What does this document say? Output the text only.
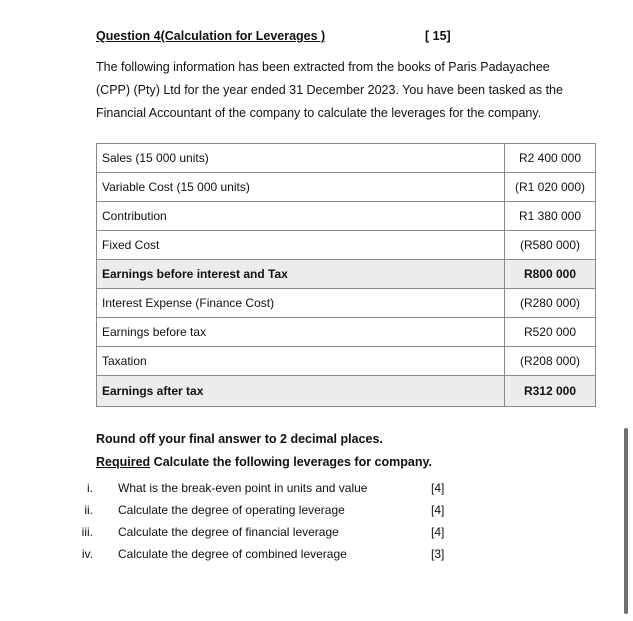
Question 4(Calculation for Leverages )	[ 15]

The following information has been extracted from the books of Paris Padayachee
(CPP) (Pty) Ltd for the year ended 31 December 2023. You have been tasked as the
Financial Accountant of the company to calculate the leverages for the company.

Sales (15 000 units)	R2 400 000
Variable Cost (15 000 units)	(R1 020 000)
Contribution	R1 380 000
Fixed Cost	(R580 000)
Earnings before interest and Tax	R800 000
Interest Expense (Finance Cost)	(R280 000)
Earnings before tax	R520 000
Taxation	(R208 000)
Earnings after tax	R312 000
Round off your final answer to 2 decimal places.
Required Calculate the following leverages for company.
i. What is the break-even point in units and value	[4]
ii. Calculate the degree of operating leverage	[4]
iii. Calculate the degree of financial leverage	[4]
iv. Calculate the degree of combined leverage	[3]
